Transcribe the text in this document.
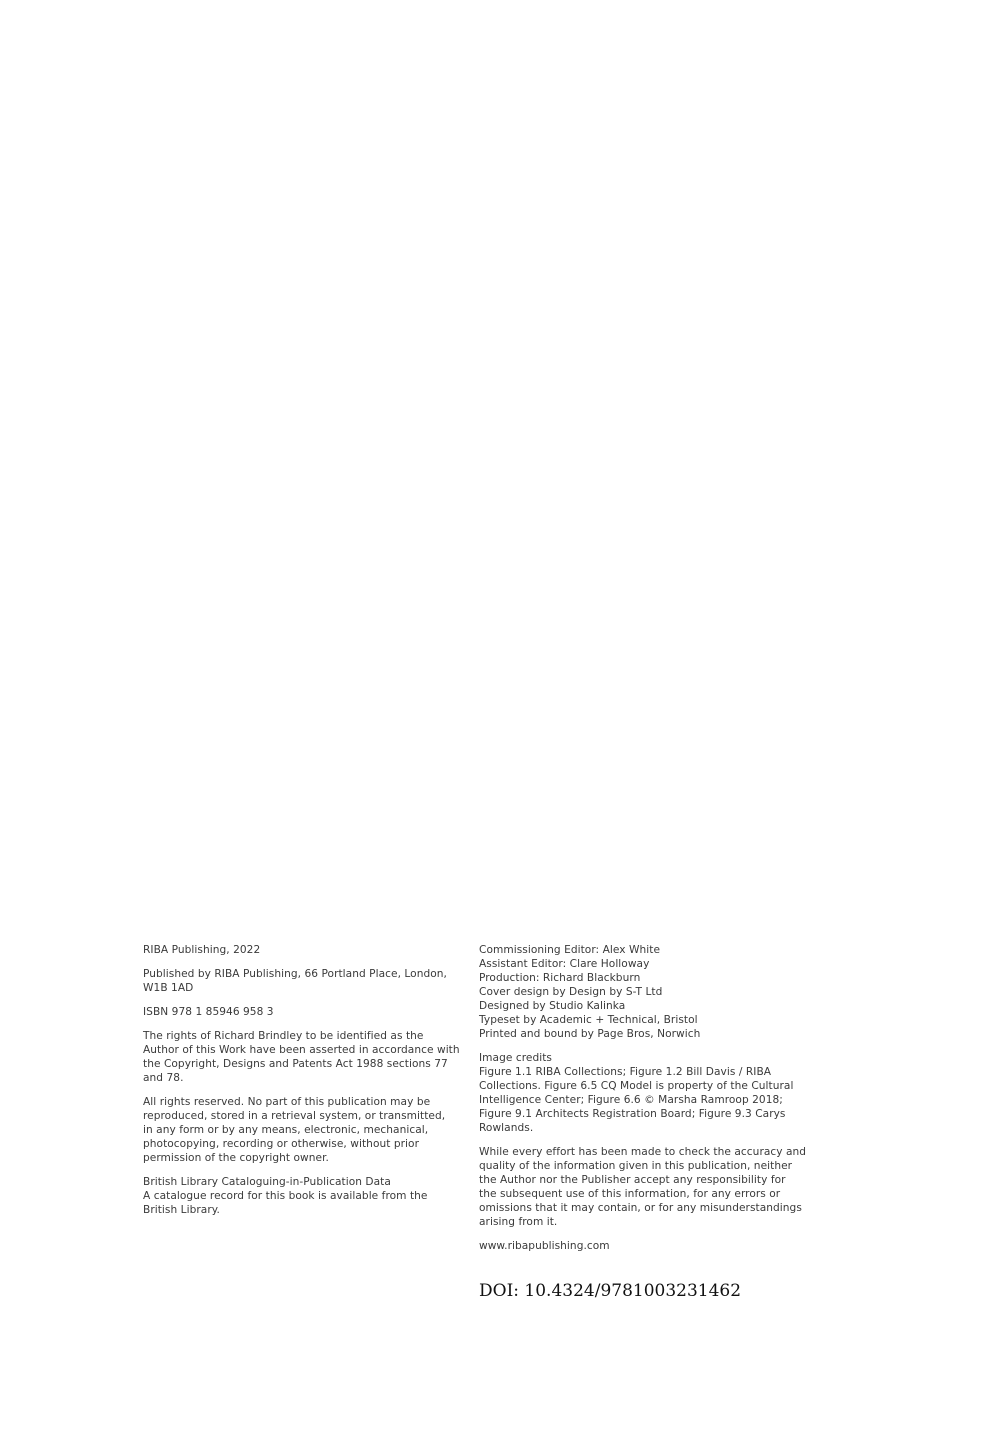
RIBA Publishing, 2022

Published by RIBA Publishing, 66 Portland Place, London,
W1B 1AD

ISBN 978 1 85946 958 3

The rights of Richard Brindley to be identified as the
Author of this Work have been asserted in accordance with
the Copyright, Designs and Patents Act 1988 sections 77
and 78.

All rights reserved. No part of this publication may be
reproduced, stored in a retrieval system, or transmitted,
in any form or by any means, electronic, mechanical,
photocopying, recording or otherwise, without prior
permission of the copyright owner.

British Library Cataloguing-in-Publication Data
A catalogue record for this book is available from the
British Library.

Commissioning Editor: Alex White
Assistant Editor: Clare Holloway
Production: Richard Blackburn
Cover design by Design by S-T Ltd
Designed by Studio Kalinka
Typeset by Academic + Technical, Bristol
Printed and bound by Page Bros, Norwich

Image credits
Figure 1.1 RIBA Collections; Figure 1.2 Bill Davis / RIBA
Collections. Figure 6.5 CQ Model is property of the Cultural
Intelligence Center; Figure 6.6 © Marsha Ramroop 2018;
Figure 9.1 Architects Registration Board; Figure 9.3 Carys
Rowlands.

While every effort has been made to check the accuracy and
quality of the information given in this publication, neither
the Author nor the Publisher accept any responsibility for
the subsequent use of this information, for any errors or
omissions that it may contain, or for any misunderstandings
arising from it.

www.ribapublishing.com

DOI: 10.4324/9781003231462
